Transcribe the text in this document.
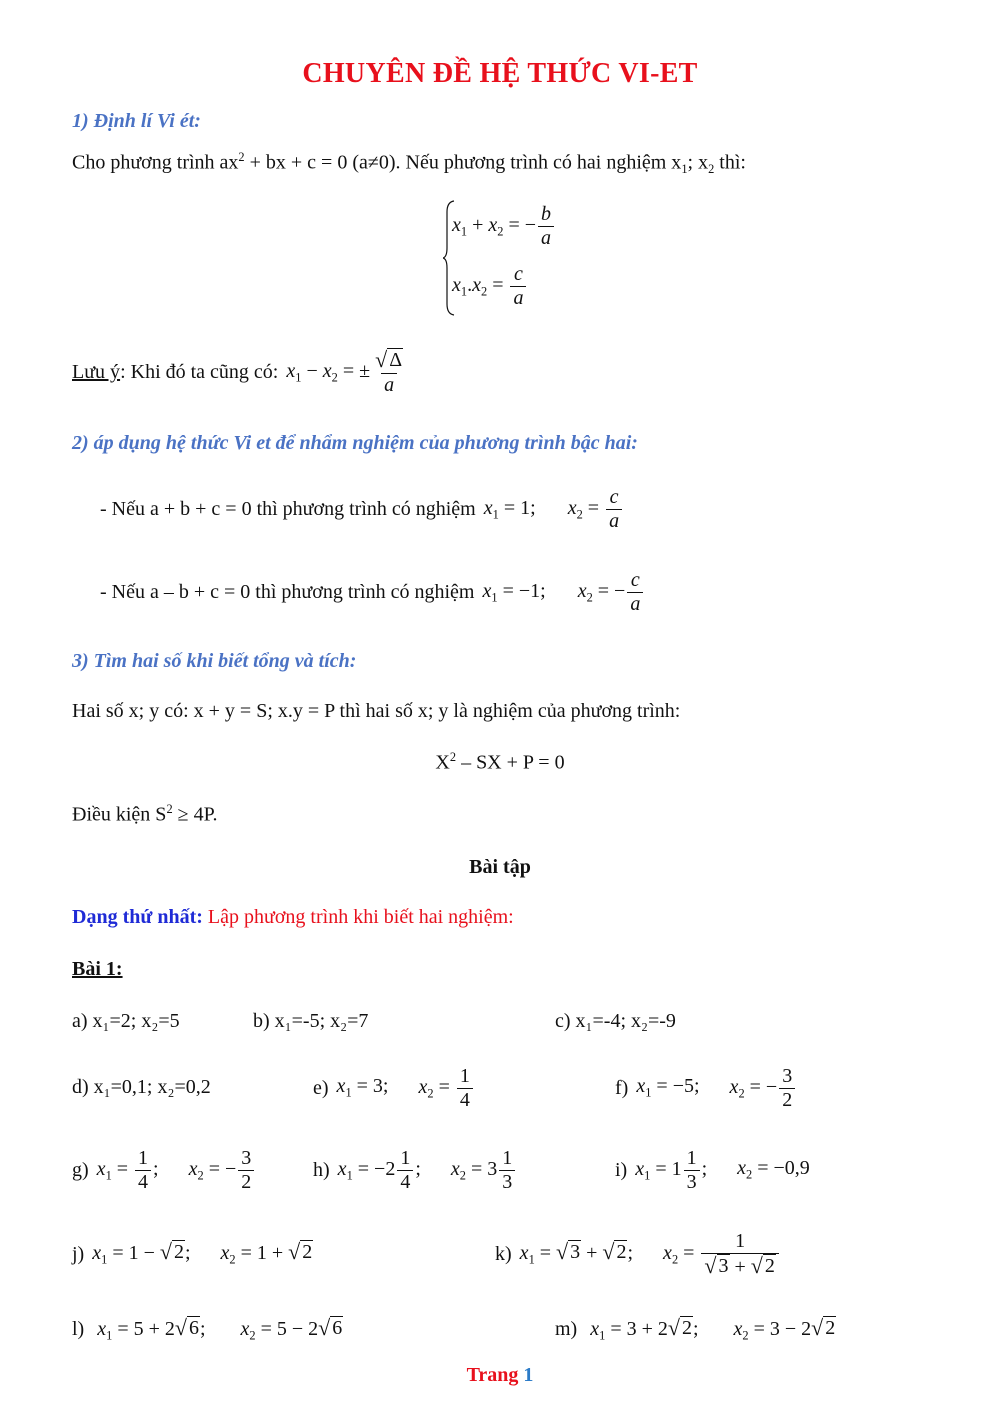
CHUYÊN ĐỀ HỆ THỨC VI-ET
1) Định lí Vi ét:
Cho phương trình $ax^2$ + bx + c = 0 (a≠0). Nếu phương trình có hai nghiệm $x_1$; $x_2$ thì:
$x_1 + x_2$ = − $\frac{b}{a}$
$x_1.x_2 = \frac{c}{a}$
Lưu ý : Khi đó ta cũng có: $x_1 - x_2$ = ± $\frac{√ \Delta}{a}$
2) áp dụng hệ thức Vi et để nhẩm nghiệm của phương trình bậc hai:
- Nếu a + b + c = 0 thì phương trình có nghiệm $x_1 = 1$; $x_2 = \frac{c}{a}$
- Nếu a – b + c = 0 thì phương trình có nghiệm $x_1 = -1$; $x_2$ = − $\frac{c}{a}$
3) Tìm hai số khi biết tổng và tích:
Hai số x; y có: x + y = S; x.y = P thì hai số x; y là nghiệm của phương trình:
$X^2$ – SX + P = 0
Điều kiện $S^2 \ge 4P$.
Bài tập
Dạng thứ nhất: Lập phương trình khi biết hai nghiệm:
Bài 1:
a) x₁=2; x₂=5	b) x₁=-5; x₂=7	c) x₁=-4; x₂=-9
d) x₁=0,1; x₂=0,2	e) $x_1 = 3$; $x_2 = \frac{1}{4}$	f) $x_1 = -5$; $x_2$ = − $\frac{3}{2}$
g) $x_1 = \frac{1}{4}$ ; $x_2$ = − $\frac{3}{2}$	h) $x_1 = -2 \frac{1}{4}$ ; $x_2 = 3 \frac{1}{3}$	i) $x_1 = 1 \frac{1}{3}$ ; $x_2 = -0,9$
j) $x_1 = 1$ − √ 2 ; $x_2 = 1$ + √ 2	k) $x_1$ = √ 3 + √ 2 ; $x_2 = \frac{1}{√ 3 + √ 2}$
l) $x_1 = 5 + 2$ √ 6 ; $x_2 = 5 - 2$ √ 6	m) $x_1 = 3 + 2$ √ 2 ; $x_2 = 3 - 2$ √ 2
Trang 1
